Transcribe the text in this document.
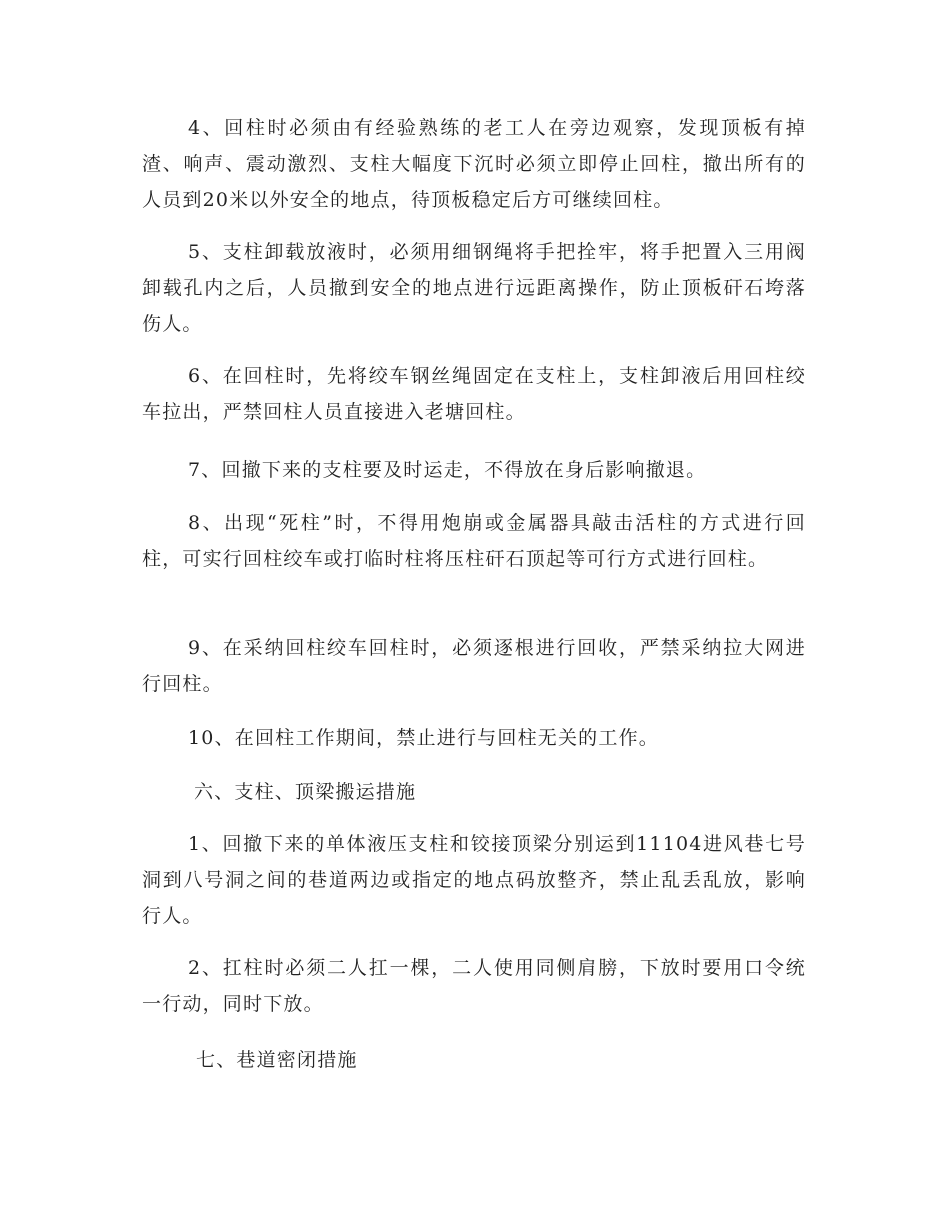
4、回柱时必须由有经验熟练的老工人在旁边观察，发现顶板有掉渣、响声、震动激烈、支柱大幅度下沉时必须立即停止回柱，撤出所有的人员到20米以外安全的地点，待顶板稳定后方可继续回柱。

5、支柱卸载放液时，必须用细钢绳将手把拴牢，将手把置入三用阀卸载孔内之后，人员撤到安全的地点进行远距离操作，防止顶板矸石垮落伤人。

6、在回柱时，先将绞车钢丝绳固定在支柱上，支柱卸液后用回柱绞车拉出，严禁回柱人员直接进入老塘回柱。

7、回撤下来的支柱要及时运走，不得放在身后影响撤退。

8、出现“死柱”时，不得用炮崩或金属器具敲击活柱的方式进行回柱，可实行回柱绞车或打临时柱将压柱矸石顶起等可行方式进行回柱。

9、在采纳回柱绞车回柱时，必须逐根进行回收，严禁采纳拉大网进行回柱。

10、在回柱工作期间，禁止进行与回柱无关的工作。

六、支柱、顶梁搬运措施

1、回撤下来的单体液压支柱和铰接顶梁分别运到11104进风巷七号洞到八号洞之间的巷道两边或指定的地点码放整齐，禁止乱丢乱放，影响行人。

2、扛柱时必须二人扛一棵，二人使用同侧肩膀，下放时要用口令统一行动，同时下放。

七、巷道密闭措施
